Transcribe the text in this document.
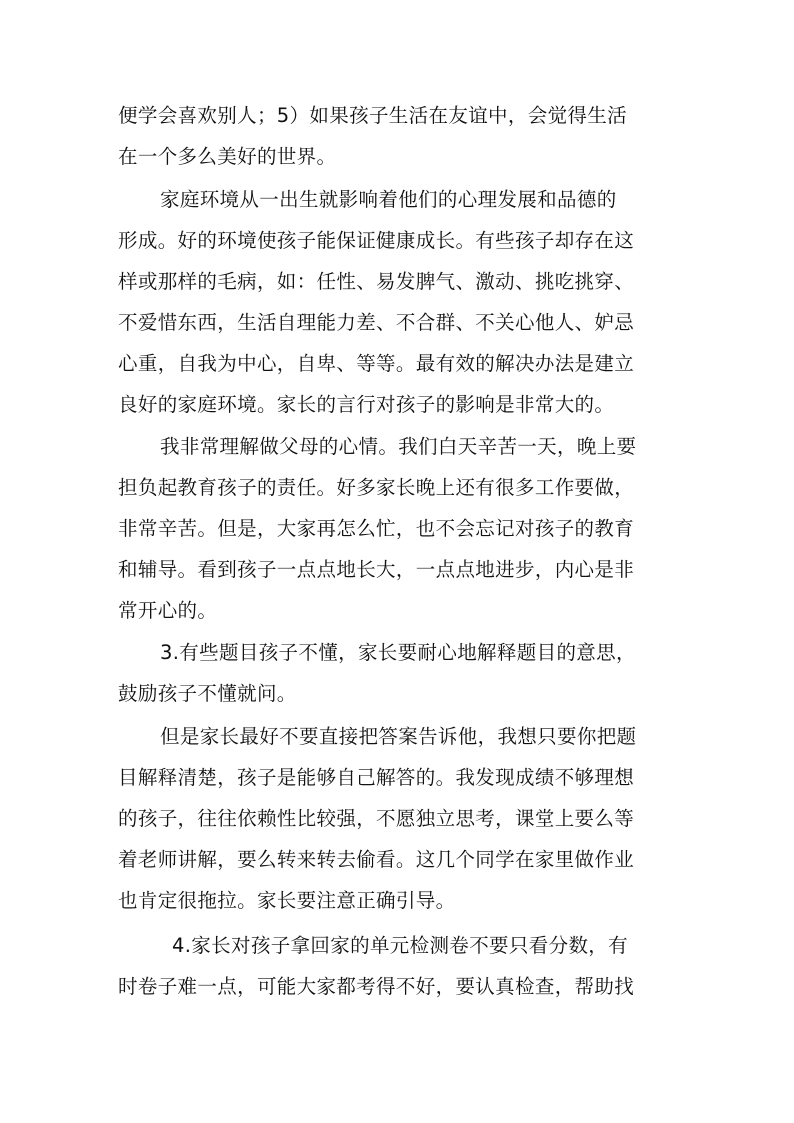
便学会喜欢别人；5）如果孩子生活在友谊中，会觉得生活
在一个多么美好的世界。
家庭环境从一出生就影响着他们的心理发展和品德的
形成。好的环境使孩子能保证健康成长。有些孩子却存在这
样或那样的毛病，如：任性、易发脾气、激动、挑吃挑穿、
不爱惜东西，生活自理能力差、不合群、不关心他人、妒忌
心重，自我为中心，自卑、等等。最有效的解决办法是建立
良好的家庭环境。家长的言行对孩子的影响是非常大的。
我非常理解做父母的心情。我们白天辛苦一天，晚上要
担负起教育孩子的责任。好多家长晚上还有很多工作要做，
非常辛苦。但是，大家再怎么忙，也不会忘记对孩子的教育
和辅导。看到孩子一点点地长大，一点点地进步，内心是非
常开心的。
3.有些题目孩子不懂，家长要耐心地解释题目的意思，
鼓励孩子不懂就问。
但是家长最好不要直接把答案告诉他，我想只要你把题
目解释清楚，孩子是能够自己解答的。我发现成绩不够理想
的孩子，往往依赖性比较强，不愿独立思考，课堂上要么等
着老师讲解，要么转来转去偷看。这几个同学在家里做作业
也肯定很拖拉。家长要注意正确引导。
4.家长对孩子拿回家的单元检测卷不要只看分数，有
时卷子难一点，可能大家都考得不好，要认真检查，帮助找
